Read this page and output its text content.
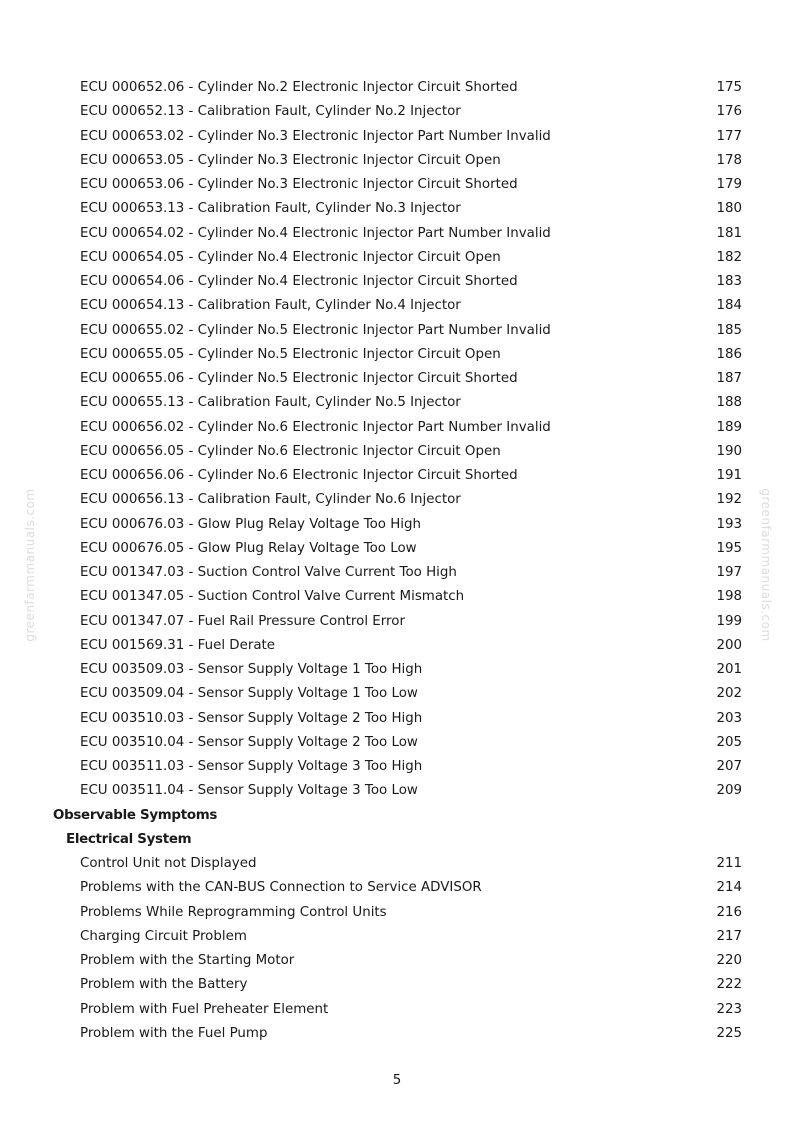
ECU 000652.06 - Cylinder No.2 Electronic Injector Circuit Shorted	175
ECU 000652.13 - Calibration Fault, Cylinder No.2 Injector	176
ECU 000653.02 - Cylinder No.3 Electronic Injector Part Number Invalid	177
ECU 000653.05 - Cylinder No.3 Electronic Injector Circuit Open	178
ECU 000653.06 - Cylinder No.3 Electronic Injector Circuit Shorted	179
ECU 000653.13 - Calibration Fault, Cylinder No.3 Injector	180
ECU 000654.02 - Cylinder No.4 Electronic Injector Part Number Invalid	181
ECU 000654.05 - Cylinder No.4 Electronic Injector Circuit Open	182
ECU 000654.06 - Cylinder No.4 Electronic Injector Circuit Shorted	183
ECU 000654.13 - Calibration Fault, Cylinder No.4 Injector	184
ECU 000655.02 - Cylinder No.5 Electronic Injector Part Number Invalid	185
ECU 000655.05 - Cylinder No.5 Electronic Injector Circuit Open	186
ECU 000655.06 - Cylinder No.5 Electronic Injector Circuit Shorted	187
ECU 000655.13 - Calibration Fault, Cylinder No.5 Injector	188
ECU 000656.02 - Cylinder No.6 Electronic Injector Part Number Invalid	189
ECU 000656.05 - Cylinder No.6 Electronic Injector Circuit Open	190
ECU 000656.06 - Cylinder No.6 Electronic Injector Circuit Shorted	191
ECU 000656.13 - Calibration Fault, Cylinder No.6 Injector	192
ECU 000676.03 - Glow Plug Relay Voltage Too High	193
ECU 000676.05 - Glow Plug Relay Voltage Too Low	195
ECU 001347.03 - Suction Control Valve Current Too High	197
ECU 001347.05 - Suction Control Valve Current Mismatch	198
ECU 001347.07 - Fuel Rail Pressure Control Error	199
ECU 001569.31 - Fuel Derate	200
ECU 003509.03 - Sensor Supply Voltage 1 Too High	201
ECU 003509.04 - Sensor Supply Voltage 1 Too Low	202
ECU 003510.03 - Sensor Supply Voltage 2 Too High	203
ECU 003510.04 - Sensor Supply Voltage 2 Too Low	205
ECU 003511.03 - Sensor Supply Voltage 3 Too High	207
ECU 003511.04 - Sensor Supply Voltage 3 Too Low	209
Observable Symptoms
Electrical System
Control Unit not Displayed	211
Problems with the CAN-BUS Connection to Service ADVISOR	214
Problems While Reprogramming Control Units	216
Charging Circuit Problem	217
Problem with the Starting Motor	220
Problem with the Battery	222
Problem with Fuel Preheater Element	223
Problem with the Fuel Pump	225
5
greenfarmmanuals.com	greenfarmmanuals.com
